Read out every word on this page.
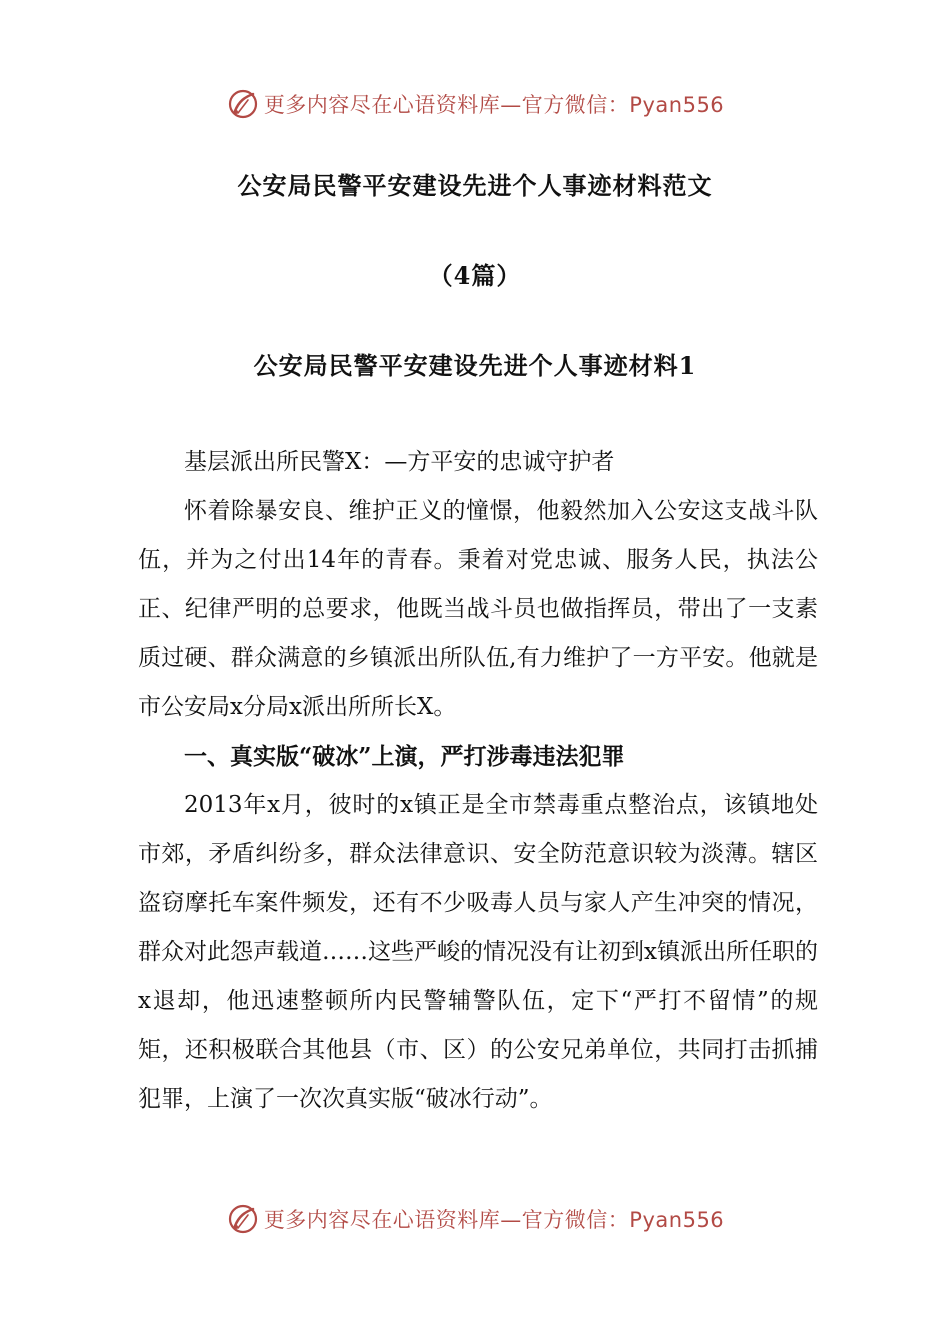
更多内容尽在心语资料库—官方微信：Pyan556
公安局民警平安建设先进个人事迹材料范文
（4篇）
公安局民警平安建设先进个人事迹材料1

基层派出所民警X：—方平安的忠诚守护者

怀着除暴安良、维护正义的憧憬，他毅然加入公安这支战斗队伍，并为之付出14年的青春。秉着对党忠诚、服务人民，执法公正、纪律严明的总要求，他既当战斗员也做指挥员，带出了一支素质过硬、群众满意的乡镇派出所队伍,有力维护了一方平安。他就是市公安局x分局x派出所所长X。

一、真实版“破冰”上演，严打涉毒违法犯罪

2013年x月，彼时的x镇正是全市禁毒重点整治点，该镇地处市郊，矛盾纠纷多，群众法律意识、安全防范意识较为淡薄。辖区盗窃摩托车案件频发，还有不少吸毒人员与家人产生冲突的情况，群众对此怨声载道……这些严峻的情况没有让初到x镇派出所任职的x退却，他迅速整顿所内民警辅警队伍，定下“严打不留情”的规矩，还积极联合其他县（市、区）的公安兄弟单位，共同打击抓捕犯罪，上演了一次次真实版“破冰行动”。

更多内容尽在心语资料库—官方微信：Pyan556
